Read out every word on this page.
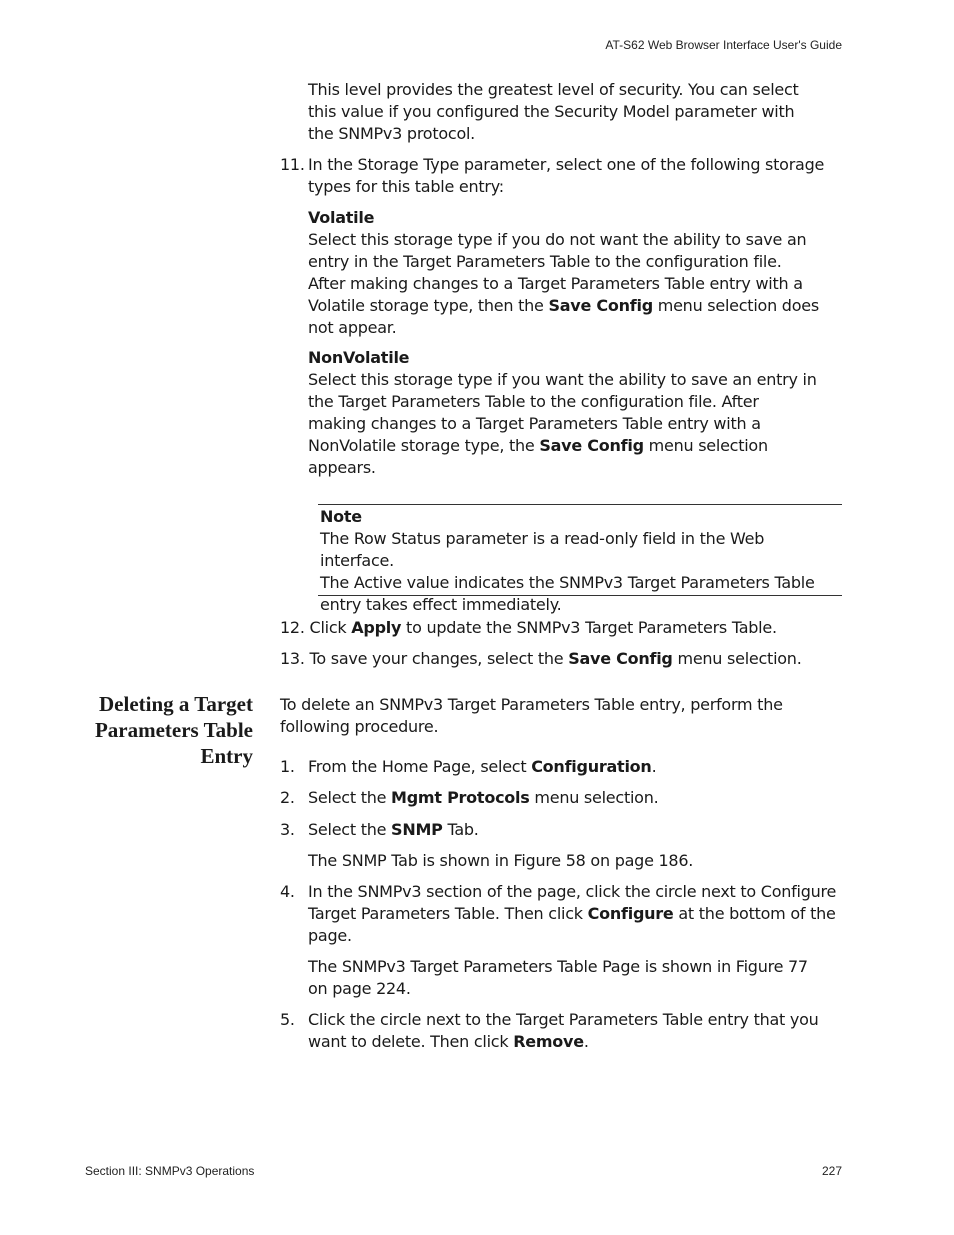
AT-S62 Web Browser Interface User's Guide
This level provides the greatest level of security. You can select
this value if you configured the Security Model parameter with
the SNMPv3 protocol.
11. In the Storage Type parameter, select one of the following storage
types for this table entry:
Volatile
Select this storage type if you do not want the ability to save an
entry in the Target Parameters Table to the configuration file.
After making changes to a Target Parameters Table entry with a
Volatile storage type, then the Save Config menu selection does
not appear.
NonVolatile
Select this storage type if you want the ability to save an entry in
the Target Parameters Table to the configuration file. After
making changes to a Target Parameters Table entry with a
NonVolatile storage type, the Save Config menu selection
appears.
Note
The Row Status parameter is a read-only field in the Web interface.
The Active value indicates the SNMPv3 Target Parameters Table
entry takes effect immediately.
12. Click Apply to update the SNMPv3 Target Parameters Table.
13. To save your changes, select the Save Config menu selection.
Deleting a Target
Parameters Table
Entry
To delete an SNMPv3 Target Parameters Table entry, perform the
following procedure.
1. From the Home Page, select Configuration.
2. Select the Mgmt Protocols menu selection.
3. Select the SNMP Tab.
The SNMP Tab is shown in Figure 58 on page 186.
4. In the SNMPv3 section of the page, click the circle next to Configure
Target Parameters Table. Then click Configure at the bottom of the
page.
The SNMPv3 Target Parameters Table Page is shown in Figure 77
on page 224.
5. Click the circle next to the Target Parameters Table entry that you
want to delete. Then click Remove.
Section III: SNMPv3 Operations	227
